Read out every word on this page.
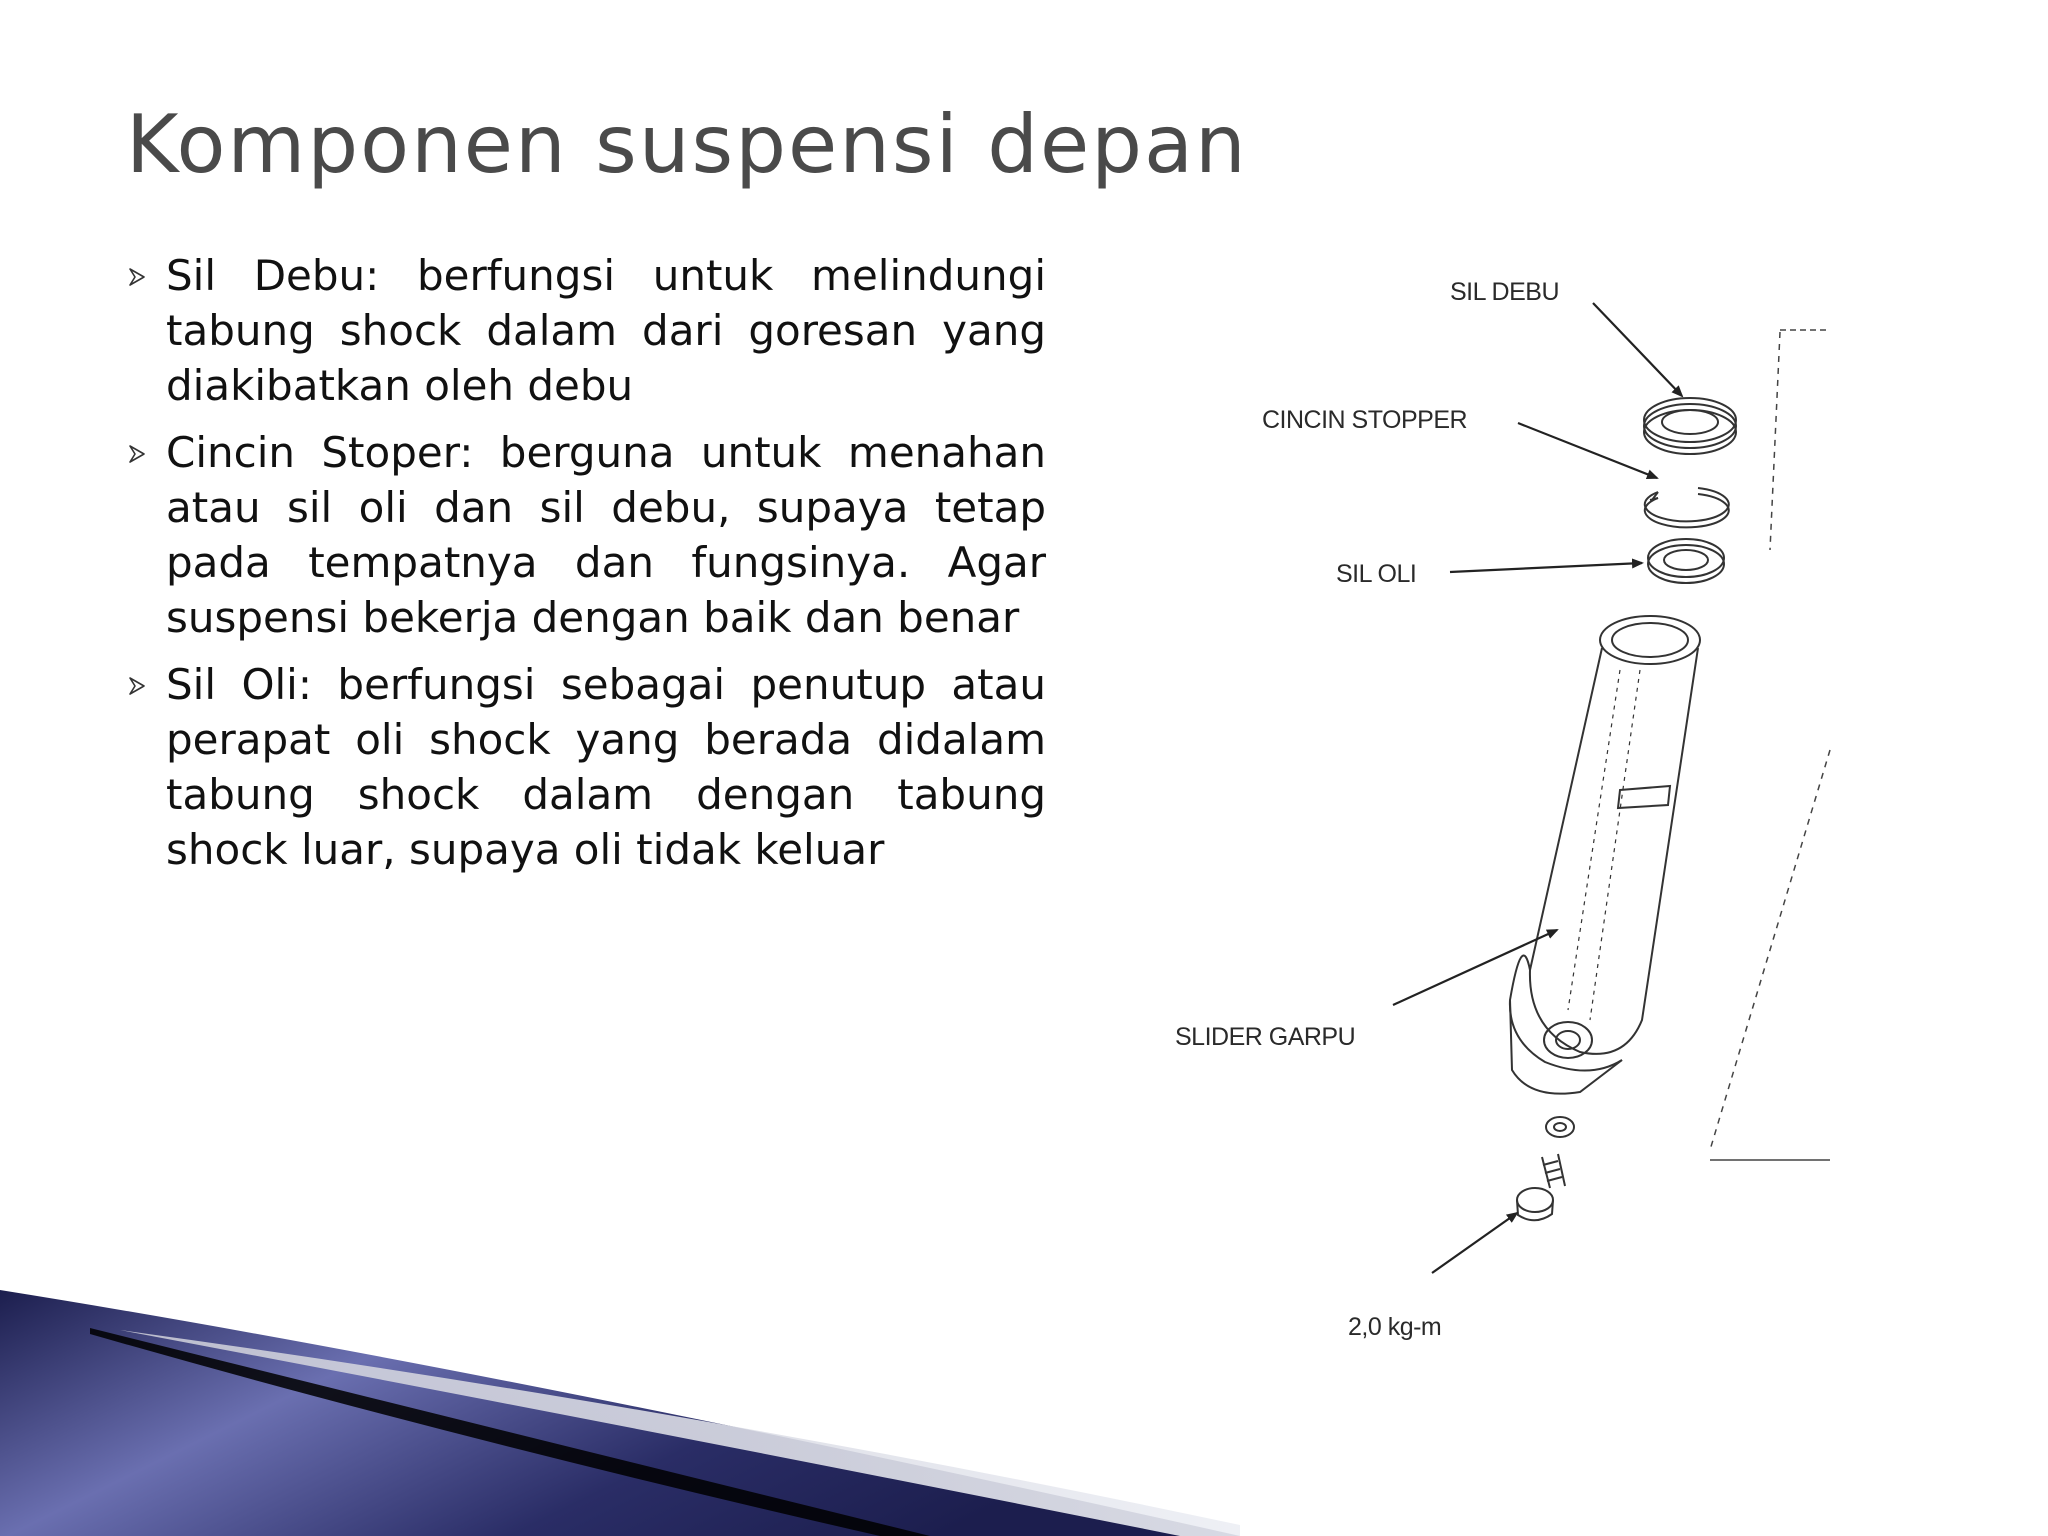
Komponen suspensi depan
Sil Debu: berfungsi untuk melindungi tabung shock dalam dari goresan yang diakibatkan oleh debu
Cincin Stoper: berguna untuk menahan atau sil oli dan sil debu, supaya tetap pada tempatnya dan fungsinya. Agar suspensi bekerja dengan baik dan benar
Sil Oli: berfungsi sebagai penutup atau perapat oli shock yang berada didalam tabung shock dalam dengan tabung shock luar, supaya oli tidak keluar
SIL DEBU
CINCIN STOPPER
SIL OLI
SLIDER GARPU
2,0 kg-m
